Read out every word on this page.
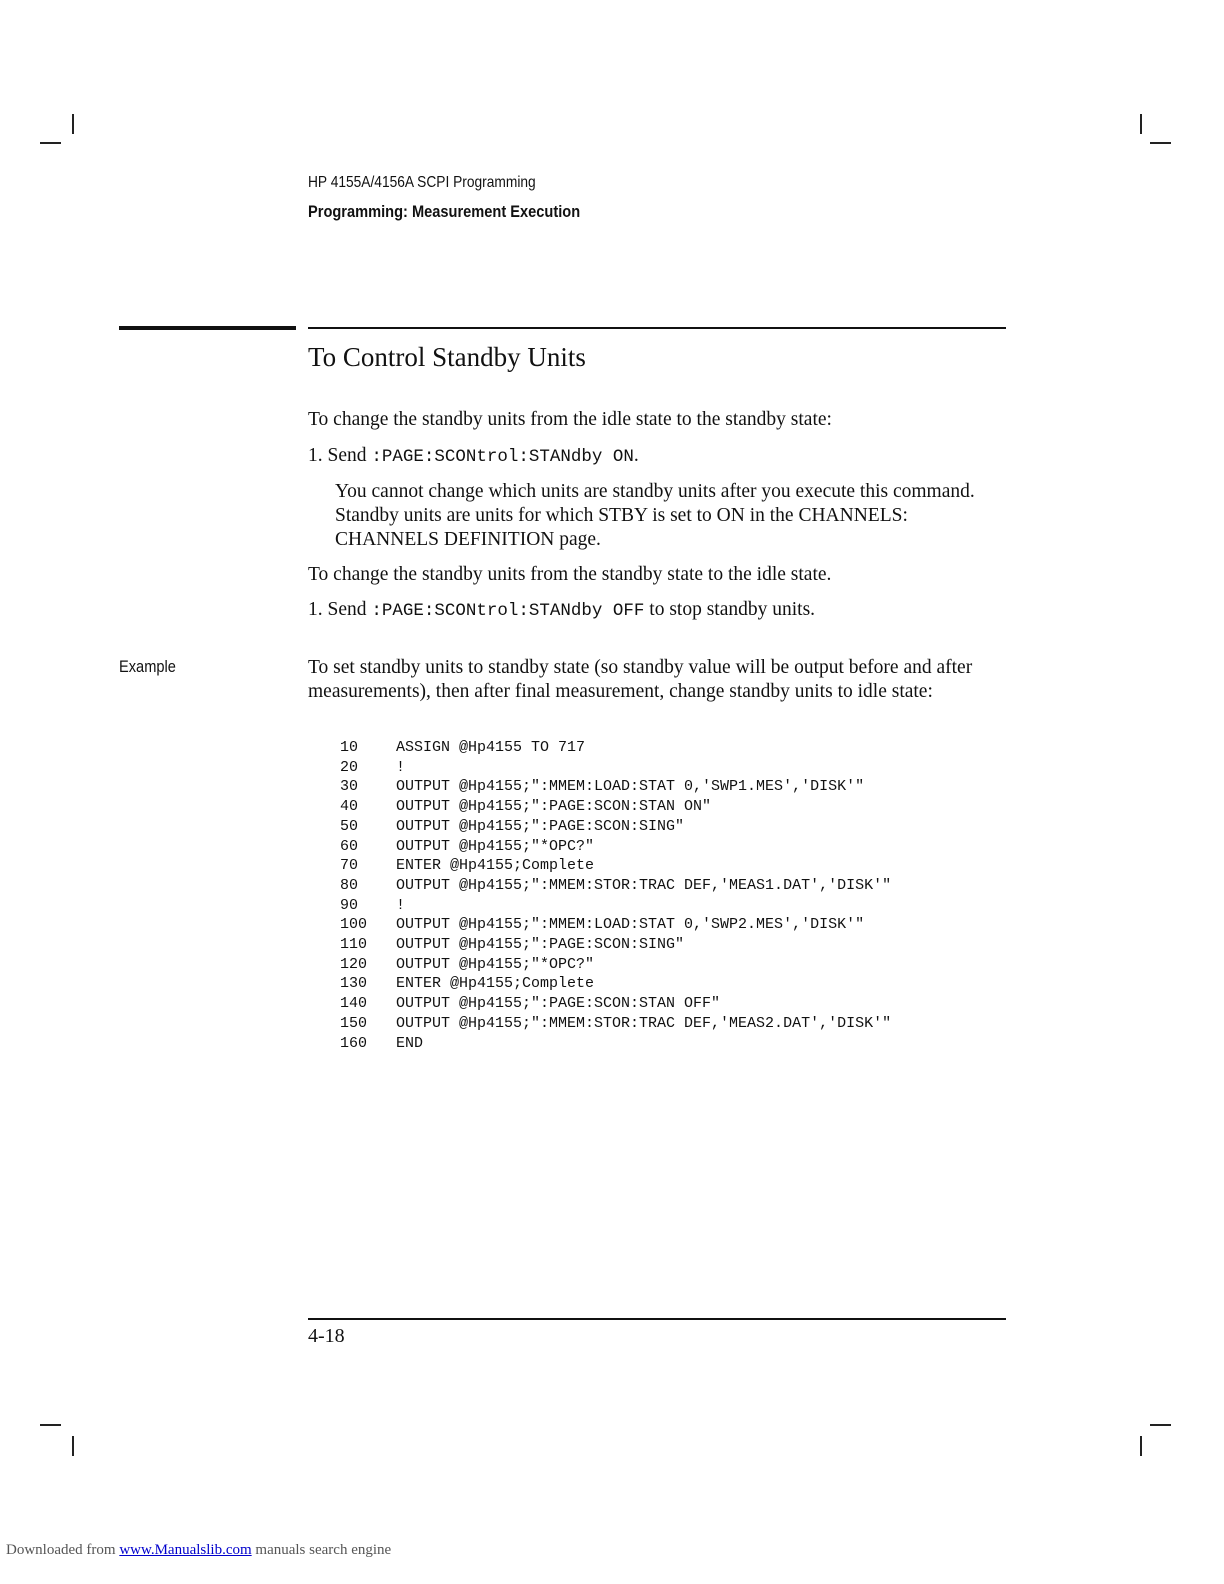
HP 4155A/4156A SCPI Programming
Programming: Measurement Execution
To Control Standby Units
To change the standby units from the idle state to the standby state:
1. Send :PAGE:SCONtrol:STANdby ON.
You cannot change which units are standby units after you execute this command. Standby units are units for which STBY is set to ON in the CHANNELS: CHANNELS DEFINITION page.
To change the standby units from the standby state to the idle state.
1. Send :PAGE:SCONtrol:STANdby OFF to stop standby units.
Example	To set standby units to standby state (so standby value will be output before and after measurements), then after final measurement, change standby units to idle state:
10	ASSIGN @Hp4155 TO 717
20	!
30	OUTPUT @Hp4155;":MMEM:LOAD:STAT 0,'SWP1.MES','DISK'"
40	OUTPUT @Hp4155;":PAGE:SCON:STAN ON"
50	OUTPUT @Hp4155;":PAGE:SCON:SING"
60	OUTPUT @Hp4155;"*OPC?"
70	ENTER @Hp4155;Complete
80	OUTPUT @Hp4155;":MMEM:STOR:TRAC DEF,'MEAS1.DAT','DISK'"
90	!
100	OUTPUT @Hp4155;":MMEM:LOAD:STAT 0,'SWP2.MES','DISK'"
110	OUTPUT @Hp4155;":PAGE:SCON:SING"
120	OUTPUT @Hp4155;"*OPC?"
130	ENTER @Hp4155;Complete
140	OUTPUT @Hp4155;":PAGE:SCON:STAN OFF"
150	OUTPUT @Hp4155;":MMEM:STOR:TRAC DEF,'MEAS2.DAT','DISK'"
160	END
4-18
Downloaded from www.Manualslib.com manuals search engine
